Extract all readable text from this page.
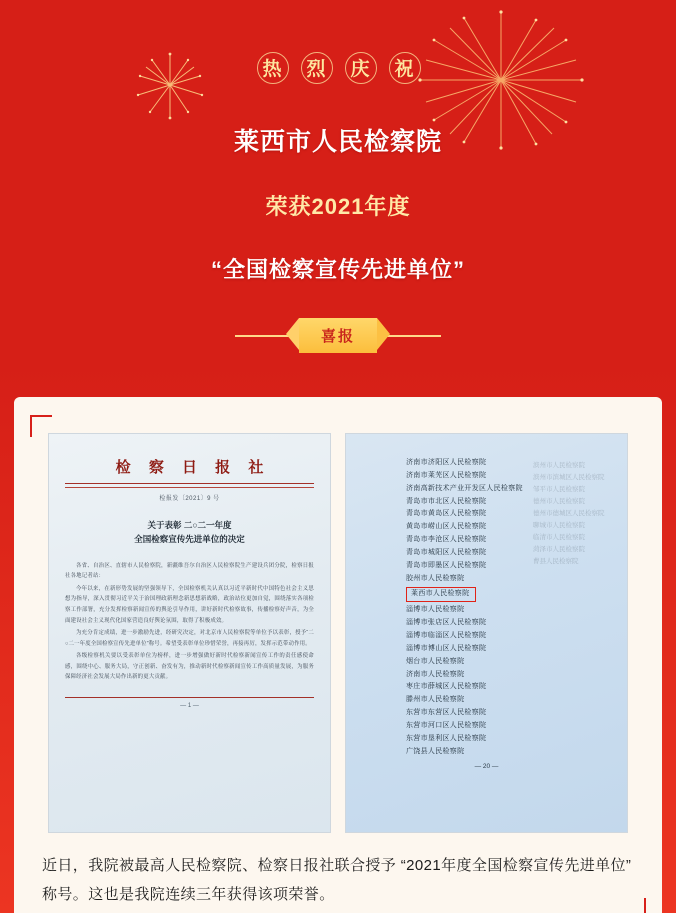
热 烈 庆 祝
莱西市人民检察院
荣获2021年度
“全国检察宣传先进单位”
喜报
检 察 日 报 社
检报发〔2021〕9 号
关于表彰 二○二一年度
全国检察宣传先进单位的决定

各省、自治区、直辖市人民检察院，新疆维吾尔自治区人民检察院生产建设兵团分院，检察日报社各地记者站：

今年以来，在新形势发展的坚强领导下，全国检察机关认真以习近平新时代中国特色社会主义思想为指导，深入贯彻习近平关于治国理政新理念新思想新战略，政治站位更加自觉，围绕落实各项检察工作部署，充分发挥检察新闻宣传的舆论引导作用，讲好新时代检察故事，传播检察好声音，为全面建设社会主义现代化国家营造良好舆论氛围，取得了积极成效。

为充分肯定成绩，进一步激励先进，经研究决定，对北京市人民检察院等单位予以表彰，授予“二○二一年度全国检察宣传先进单位”称号。希望受表彰单位珍惜荣誉，再接再厉，发挥示范带动作用。

各级检察机关要以受表彰单位为榜样，进一步增强做好新时代检察新闻宣传工作的责任感使命感，围绕中心、服务大局，守正创新、奋发有为，推动新时代检察新闻宣传工作高质量发展，为服务保障经济社会发展大局作出新的更大贡献。

— 1 —
滨州市人民检察院
滨州市滨城区人民检察院
邹平市人民检察院
德州市人民检察院
德州市德城区人民检察院
聊城市人民检察院
临清市人民检察院
菏泽市人民检察院
曹县人民检察院
济南市济阳区人民检察院
济南市莱芜区人民检察院
济南高新技术产业开发区人民检察院
青岛市市北区人民检察院
青岛市黄岛区人民检察院
黄岛市崂山区人民检察院
青岛市李沧区人民检察院
青岛市城阳区人民检察院
青岛市即墨区人民检察院
胶州市人民检察院
莱西市人民检察院
淄博市人民检察院
淄博市张店区人民检察院
淄博市临淄区人民检察院
淄博市博山区人民检察院
烟台市人民检察院
济南市人民检察院
枣庄市薛城区人民检察院
滕州市人民检察院
东营市东营区人民检察院
东营市河口区人民检察院
东营市垦利区人民检察院
广饶县人民检察院
— 20 —
近日，我院被最高人民检察院、检察日报社联合授予 “2021年度全国检察宣传先进单位” 称号。这也是我院连续三年获得该项荣誉。
